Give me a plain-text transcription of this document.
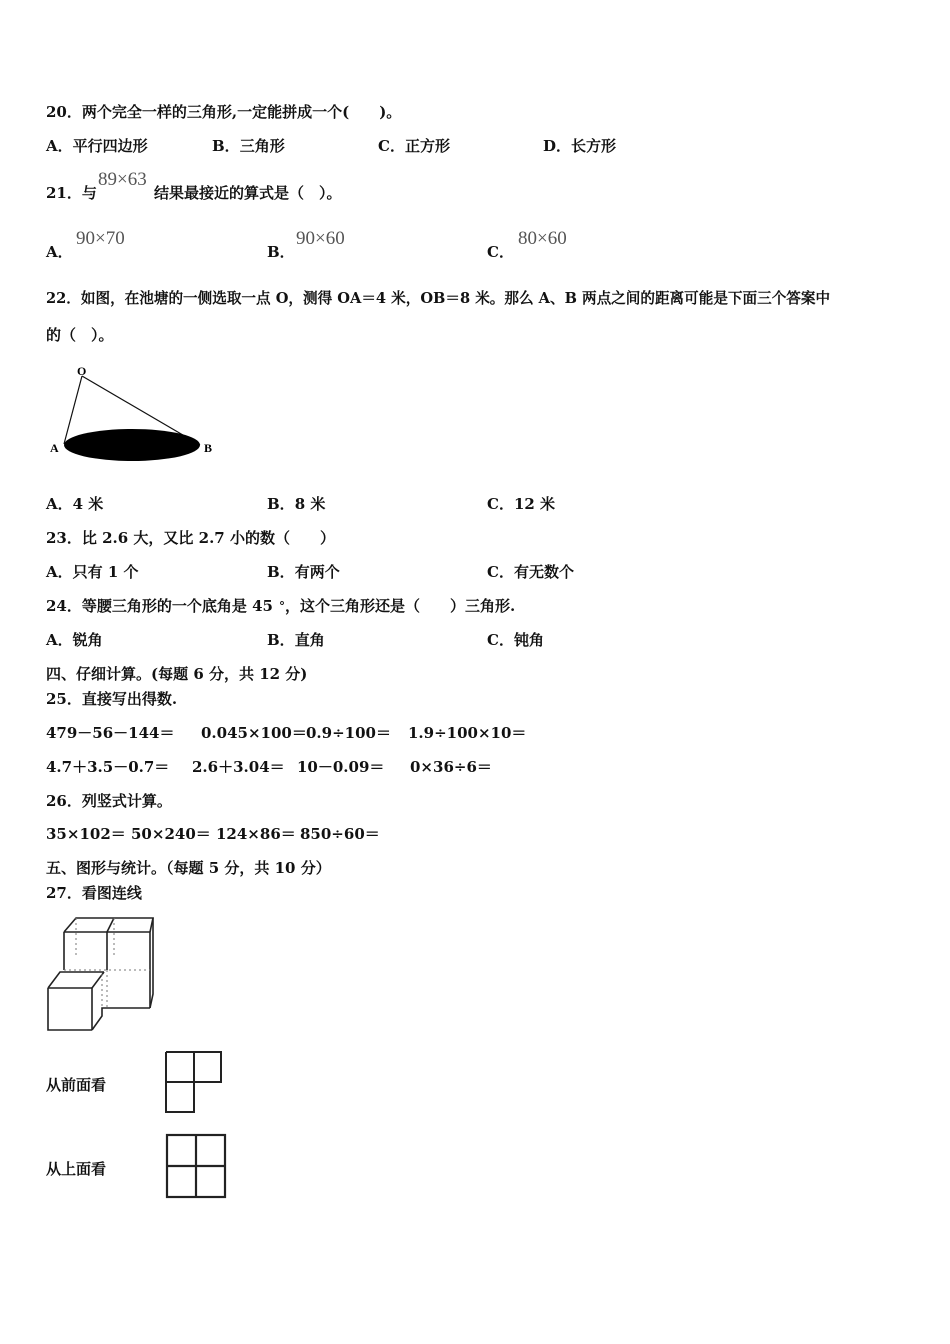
20．两个完全一样的三角形,一定能拼成一个(　　)。
A．平行四边形	B．三角形	C．正方形	D．长方形
21．与
89×63
结果最接近的算式是（　）。
A．
90×70
B．
90×60
C．
80×60
22．如图，在池塘的一侧选取一点 O，测得 OA＝4 米，OB＝8 米。那么 A、B 两点之间的距离可能是下面三个答案中
的（　）。
O
A	B
A．4 米	B．8 米	C．12 米
23．比 2.6 大，又比 2.7 小的数（　　）
A．只有 1 个	B．有两个	C．有无数个
24．等腰三角形的一个底角是 45 °，这个三角形还是（　　）三角形.
A．锐角	B．直角	C．钝角
四、仔细计算。(每题 6 分，共 12 分)
25．直接写出得数.
479－56－144＝ 0.045×100＝ 0.9÷100＝ 1.9÷100×10＝
4.7＋3.5－0.7＝ 2.6＋3.04＝ 10－0.09＝ 0×36÷6＝
26．列竖式计算。
35×102＝ 50×240＝ 124×86＝ 850÷60＝
五、图形与统计。（每题 5 分，共 10 分）
27．看图连线
从前面看
从上面看
